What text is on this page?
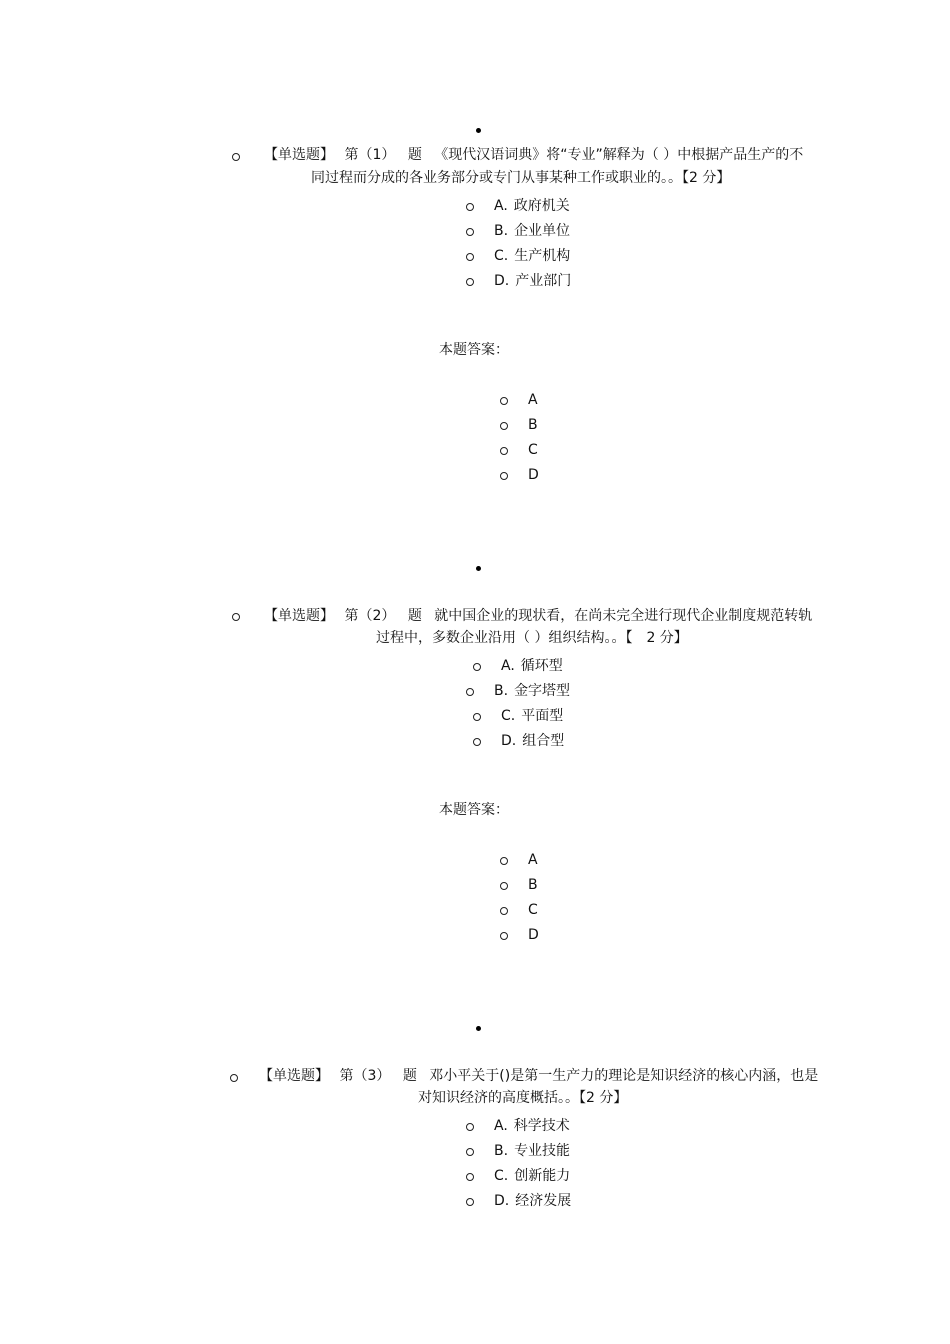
【单选题】 第（1） 题 《现代汉语词典》将“专业”解释为（ ）中根据产品生产的不
同过程而分成的各业务部分或专门从事某种工作或职业的。。【2 分】
A. 政府机关
B. 企业单位
C. 生产机构
D. 产业部门
本题答案：
A
B
C
D
【单选题】 第（2） 题 就中国企业的现状看，在尚未完全进行现代企业制度规范转轨
过程中，多数企业沿用（ ）组织结构。。【　2 分】
A. 循环型
B. 金字塔型
C. 平面型
D. 组合型
本题答案：
A
B
C
D
【单选题】 第（3） 题 邓小平关于()是第一生产力的理论是知识经济的核心内涵，也是
对知识经济的高度概括。。【2 分】
A. 科学技术
B. 专业技能
C. 创新能力
D. 经济发展
